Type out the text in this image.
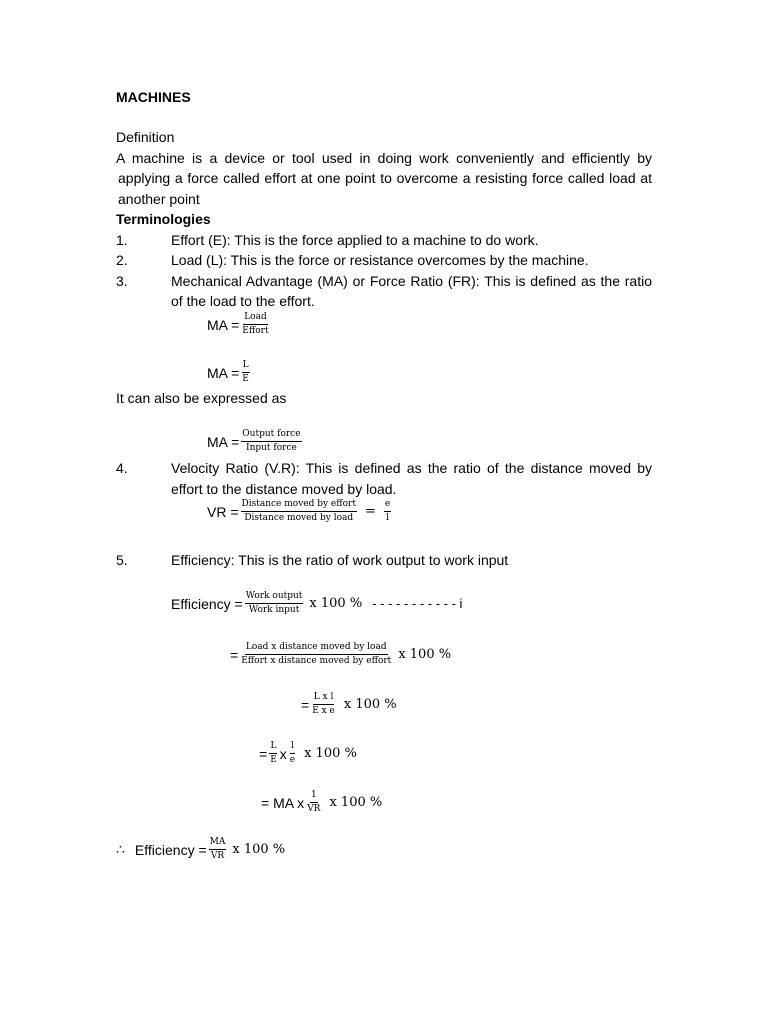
MACHINES
Definition
A machine is a device or tool used in doing work conveniently and efficiently by
applying a force called effort at one point to overcome a resisting force called load at
another point
Terminologies
1.	Effort (E): This is the force applied to a machine to do work.
2.	Load (L): This is the force or resistance overcomes by the machine.
3.	Mechanical Advantage (MA) or Force Ratio (FR): This is defined as the ratio
of the load to the effort.
MA = $\frac{\text{Load}}{\text{Effort}}$
MA = $\frac{L}{E}$
It can also be expressed as
MA = $\frac{\text{Output force}}{\text{Input force}}$
4.	Velocity Ratio (V.R): This is defined as the ratio of the distance moved by
effort to the distance moved by load.
VR = $\frac{\text{Distance moved by effort}}{\text{Distance moved by load}} = \frac{e}{l}$
5.	Efficiency: This is the ratio of work output to work input
Efficiency = $\frac{\text{Work output}}{\text{Work input}}$ x 100 % - - - - - - - - - - - i
= $\frac{\text{Load x distance moved by load}}{\text{Effort x distance moved by effort}}$ x 100 %
= $\frac{\text{L x l}}{\text{E x e}}$ x 100 %
= $\frac{L}{E}$ x $\frac{l}{e}$ x 100 %
= MA x $\frac{1}{VR}$ x 100 %
∴ Efficiency = $\frac{MA}{VR}$ x 100 %
